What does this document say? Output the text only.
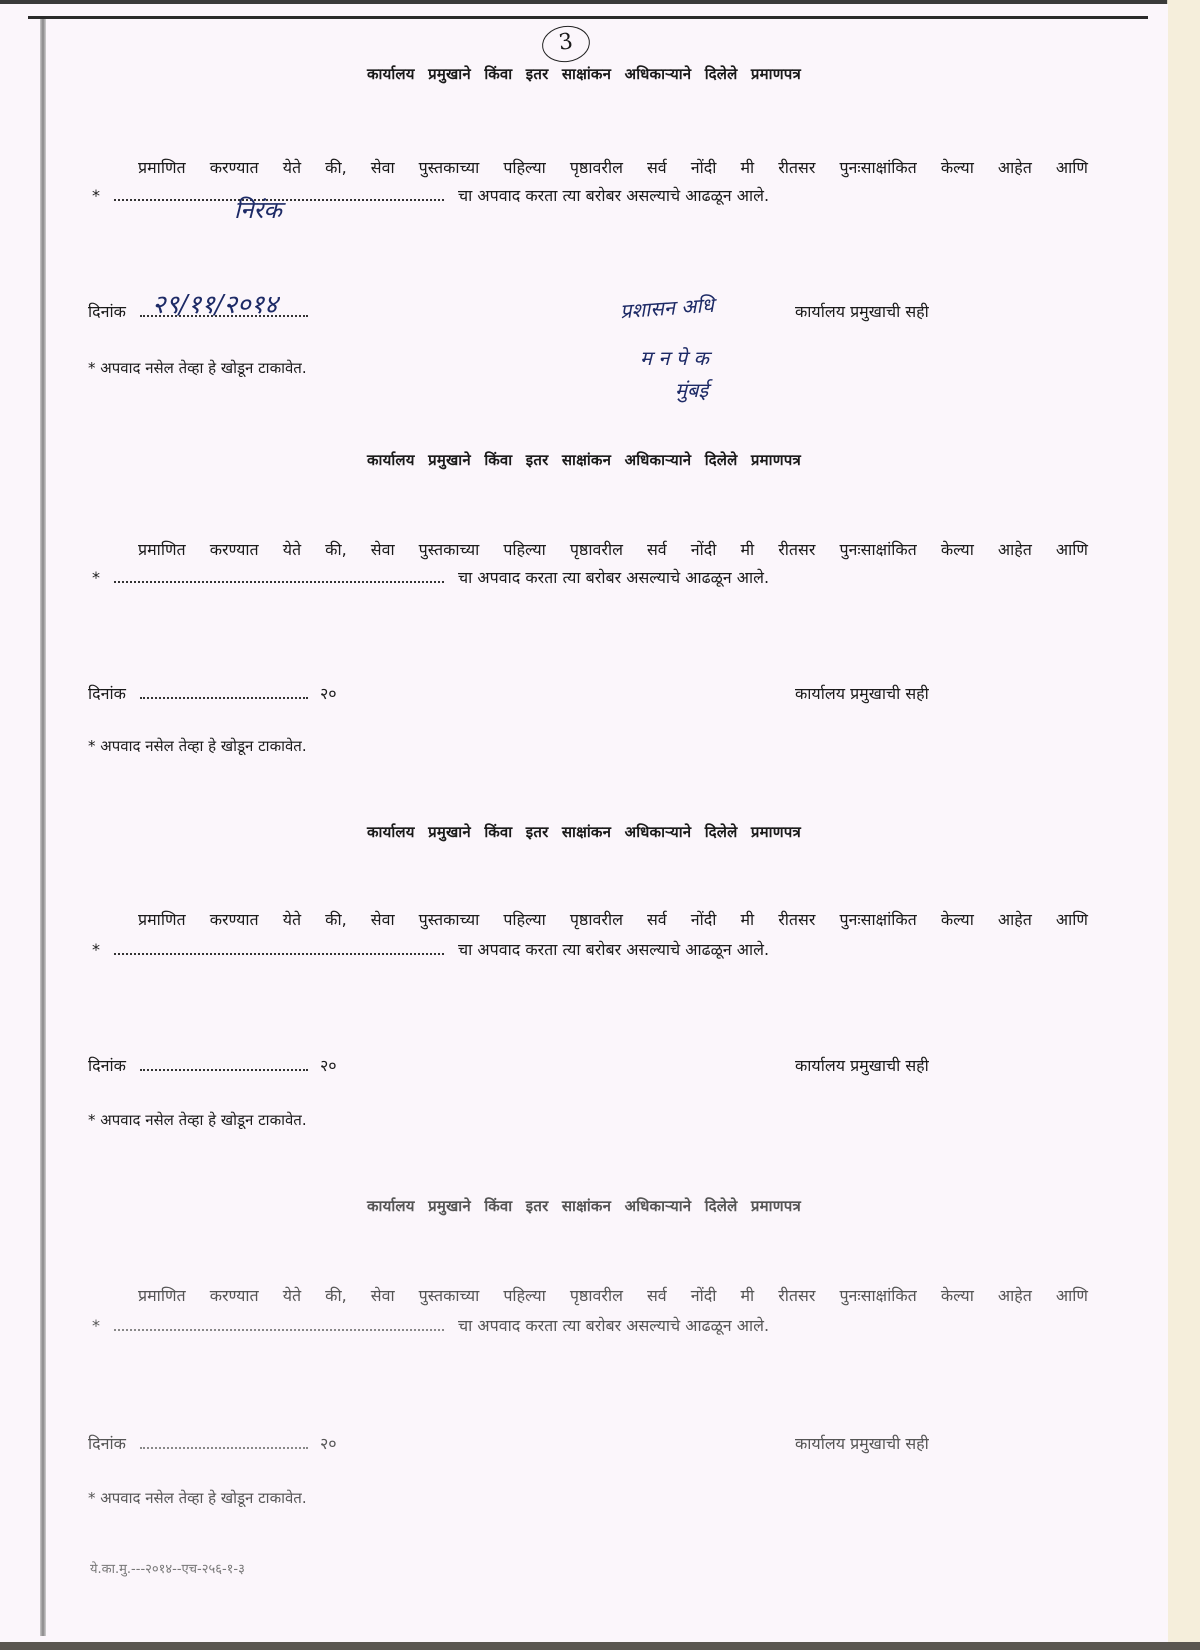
3
कार्यालय प्रमुखाने किंवा इतर साक्षांकन अधिकाऱ्याने दिलेले प्रमाणपत्र
प्रमाणित करण्यात येते की, सेवा पुस्तकाच्या पहिल्या पृष्ठावरील सर्व नोंदी मी रीतसर पुनःसाक्षांकित केल्या आहेत आणि
*
निरंक
चा अपवाद करता त्या बरोबर असल्याचे आढळून आले.
दिनांक २९/११/२०१४	कार्यालय प्रमुखाची सही
प्रशासन अधि
म न पे क
मुंबई
* अपवाद नसेल तेव्हा हे खोडून टाकावेत.
कार्यालय प्रमुखाने किंवा इतर साक्षांकन अधिकाऱ्याने दिलेले प्रमाणपत्र
प्रमाणित करण्यात येते की, सेवा पुस्तकाच्या पहिल्या पृष्ठावरील सर्व नोंदी मी रीतसर पुनःसाक्षांकित केल्या आहेत आणि
*	चा अपवाद करता त्या बरोबर असल्याचे आढळून आले.
दिनांक	२०	कार्यालय प्रमुखाची सही
* अपवाद नसेल तेव्हा हे खोडून टाकावेत.
कार्यालय प्रमुखाने किंवा इतर साक्षांकन अधिकाऱ्याने दिलेले प्रमाणपत्र
प्रमाणित करण्यात येते की, सेवा पुस्तकाच्या पहिल्या पृष्ठावरील सर्व नोंदी मी रीतसर पुनःसाक्षांकित केल्या आहेत आणि
*	चा अपवाद करता त्या बरोबर असल्याचे आढळून आले.
दिनांक	२०	कार्यालय प्रमुखाची सही
* अपवाद नसेल तेव्हा हे खोडून टाकावेत.
कार्यालय प्रमुखाने किंवा इतर साक्षांकन अधिकाऱ्याने दिलेले प्रमाणपत्र
प्रमाणित करण्यात येते की, सेवा पुस्तकाच्या पहिल्या पृष्ठावरील सर्व नोंदी मी रीतसर पुनःसाक्षांकित केल्या आहेत आणि
*	चा अपवाद करता त्या बरोबर असल्याचे आढळून आले.
दिनांक	२०	कार्यालय प्रमुखाची सही
* अपवाद नसेल तेव्हा हे खोडून टाकावेत.
ये.का.मु.---२०१४--एच-२५६-१-३
